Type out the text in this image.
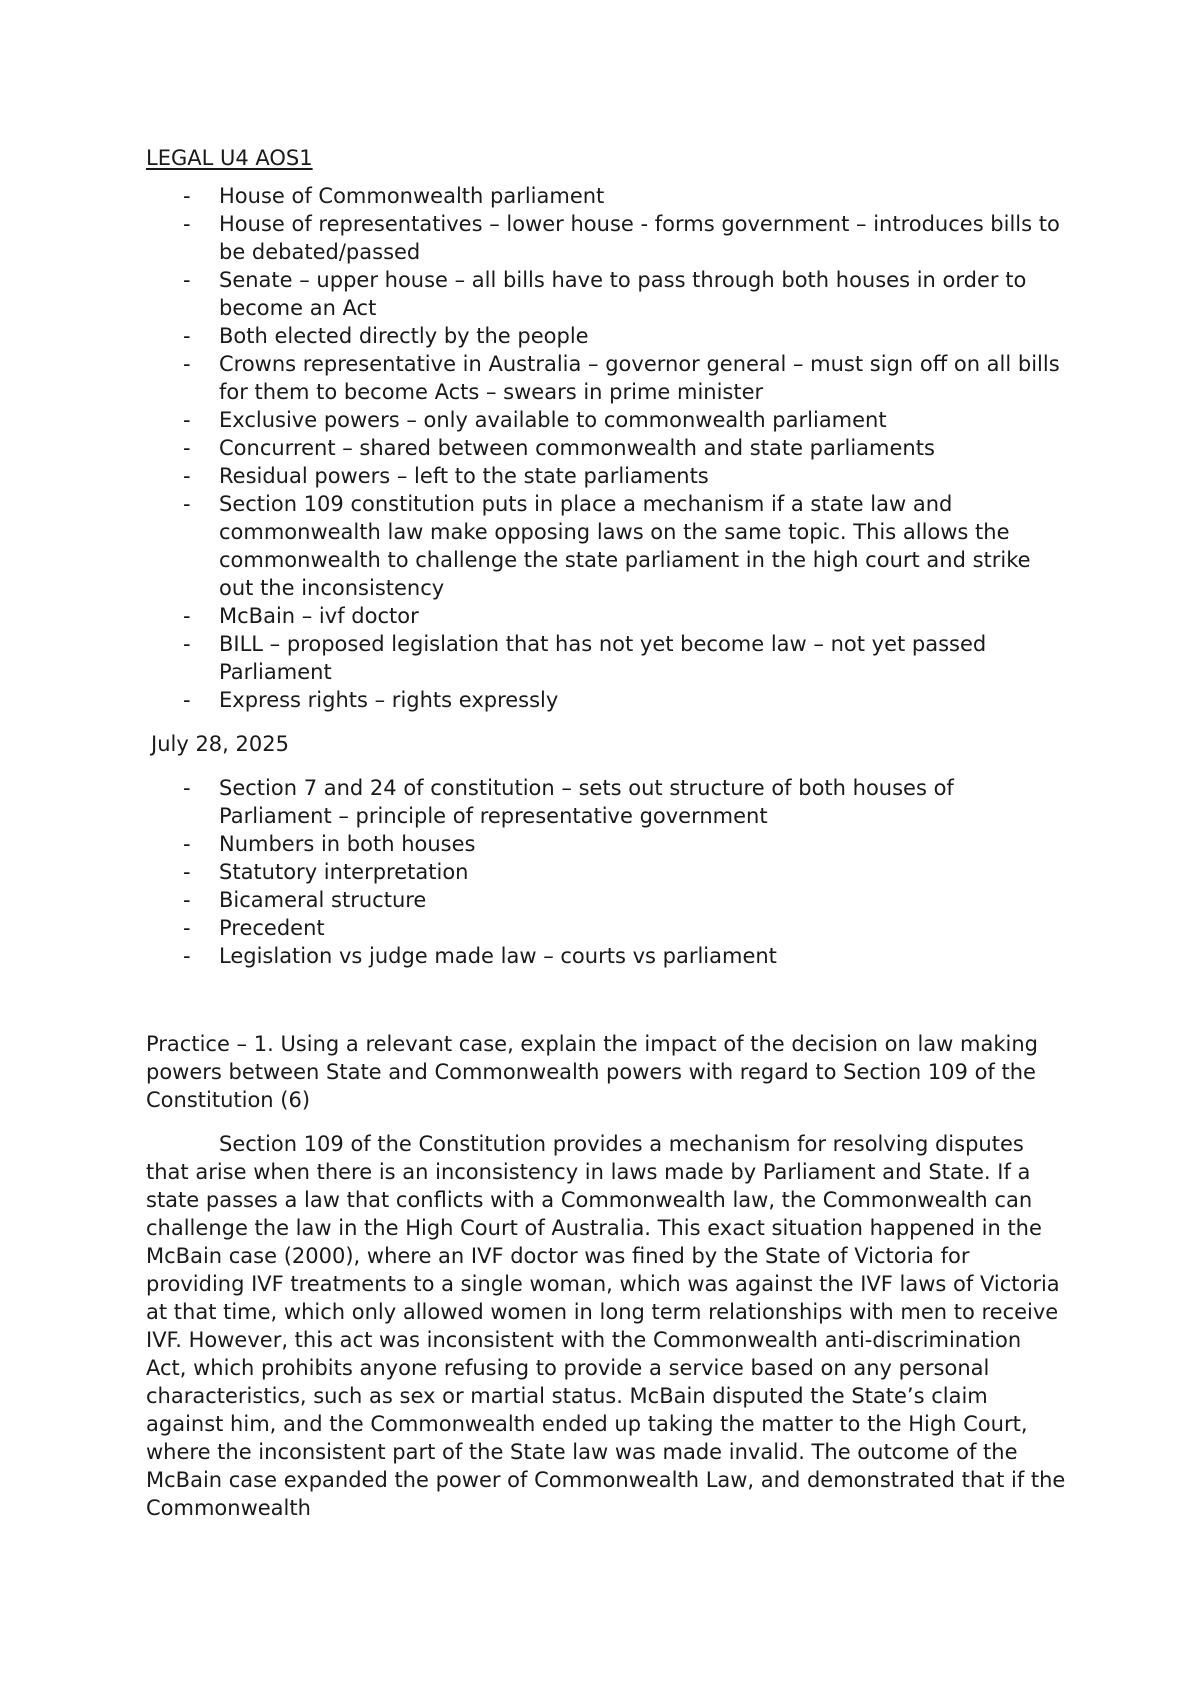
LEGAL U4 AOS1
- House of Commonwealth parliament
- House of representatives – lower house - forms government – introduces bills to be debated/passed
- Senate – upper house – all bills have to pass through both houses in order to become an Act
- Both elected directly by the people
- Crowns representative in Australia – governor general – must sign off on all bills for them to become Acts – swears in prime minister
- Exclusive powers – only available to commonwealth parliament
- Concurrent – shared between commonwealth and state parliaments
- Residual powers – left to the state parliaments
- Section 109 constitution puts in place a mechanism if a state law and commonwealth law make opposing laws on the same topic. This allows the commonwealth to challenge the state parliament in the high court and strike out the inconsistency
- McBain – ivf doctor
- BILL – proposed legislation that has not yet become law – not yet passed Parliament
- Express rights – rights expressly

July 28, 2025

- Section 7 and 24 of constitution – sets out structure of both houses of Parliament – principle of representative government
- Numbers in both houses
- Statutory interpretation
- Bicameral structure
- Precedent
- Legislation vs judge made law – courts vs parliament

Practice – 1. Using a relevant case, explain the impact of the decision on law making powers between State and Commonwealth powers with regard to Section 109 of the Constitution (6)

Section 109 of the Constitution provides a mechanism for resolving disputes that arise when there is an inconsistency in laws made by Parliament and State. If a state passes a law that conflicts with a Commonwealth law, the Commonwealth can challenge the law in the High Court of Australia. This exact situation happened in the McBain case (2000), where an IVF doctor was fined by the State of Victoria for providing IVF treatments to a single woman, which was against the IVF laws of Victoria at that time, which only allowed women in long term relationships with men to receive IVF. However, this act was inconsistent with the Commonwealth anti-discrimination Act, which prohibits anyone refusing to provide a service based on any personal characteristics, such as sex or martial status. McBain disputed the State’s claim against him, and the Commonwealth ended up taking the matter to the High Court, where the inconsistent part of the State law was made invalid. The outcome of the McBain case expanded the power of Commonwealth Law, and demonstrated that if the Commonwealth
